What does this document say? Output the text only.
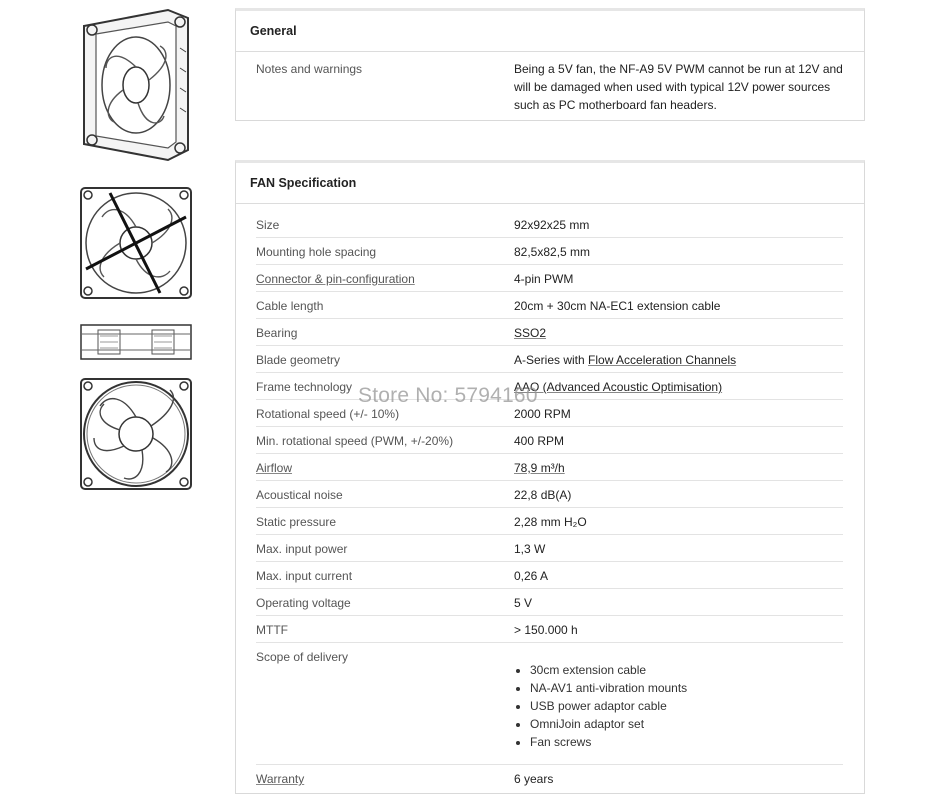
General
Notes and warnings	Being a 5V fan, the NF-A9 5V PWM cannot be run at 12V and will be damaged when used with typical 12V power sources such as PC motherboard fan headers.
FAN Specification
Size	92x92x25 mm
Mounting hole spacing	82,5x82,5 mm
Connector & pin-configuration	4-pin PWM
Cable length	20cm + 30cm NA-EC1 extension cable
Bearing	SSO2
Blade geometry	A-Series with Flow Acceleration Channels
Frame technology	AAO (Advanced Acoustic Optimisation)
Rotational speed (+/- 10%)	2000 RPM
Min. rotational speed (PWM, +/-20%)	400 RPM
Airflow	78,9 m³/h
Acoustical noise	22,8 dB(A)
Static pressure	2,28 mm H₂O
Max. input power	1,3 W
Max. input current	0,26 A
Operating voltage	5 V
MTTF	> 150.000 h
Scope of delivery
• 30cm extension cable
• NA-AV1 anti-vibration mounts
• USB power adaptor cable
• OmniJoin adaptor set
• Fan screws
Warranty	6 years
Store No: 5794160
